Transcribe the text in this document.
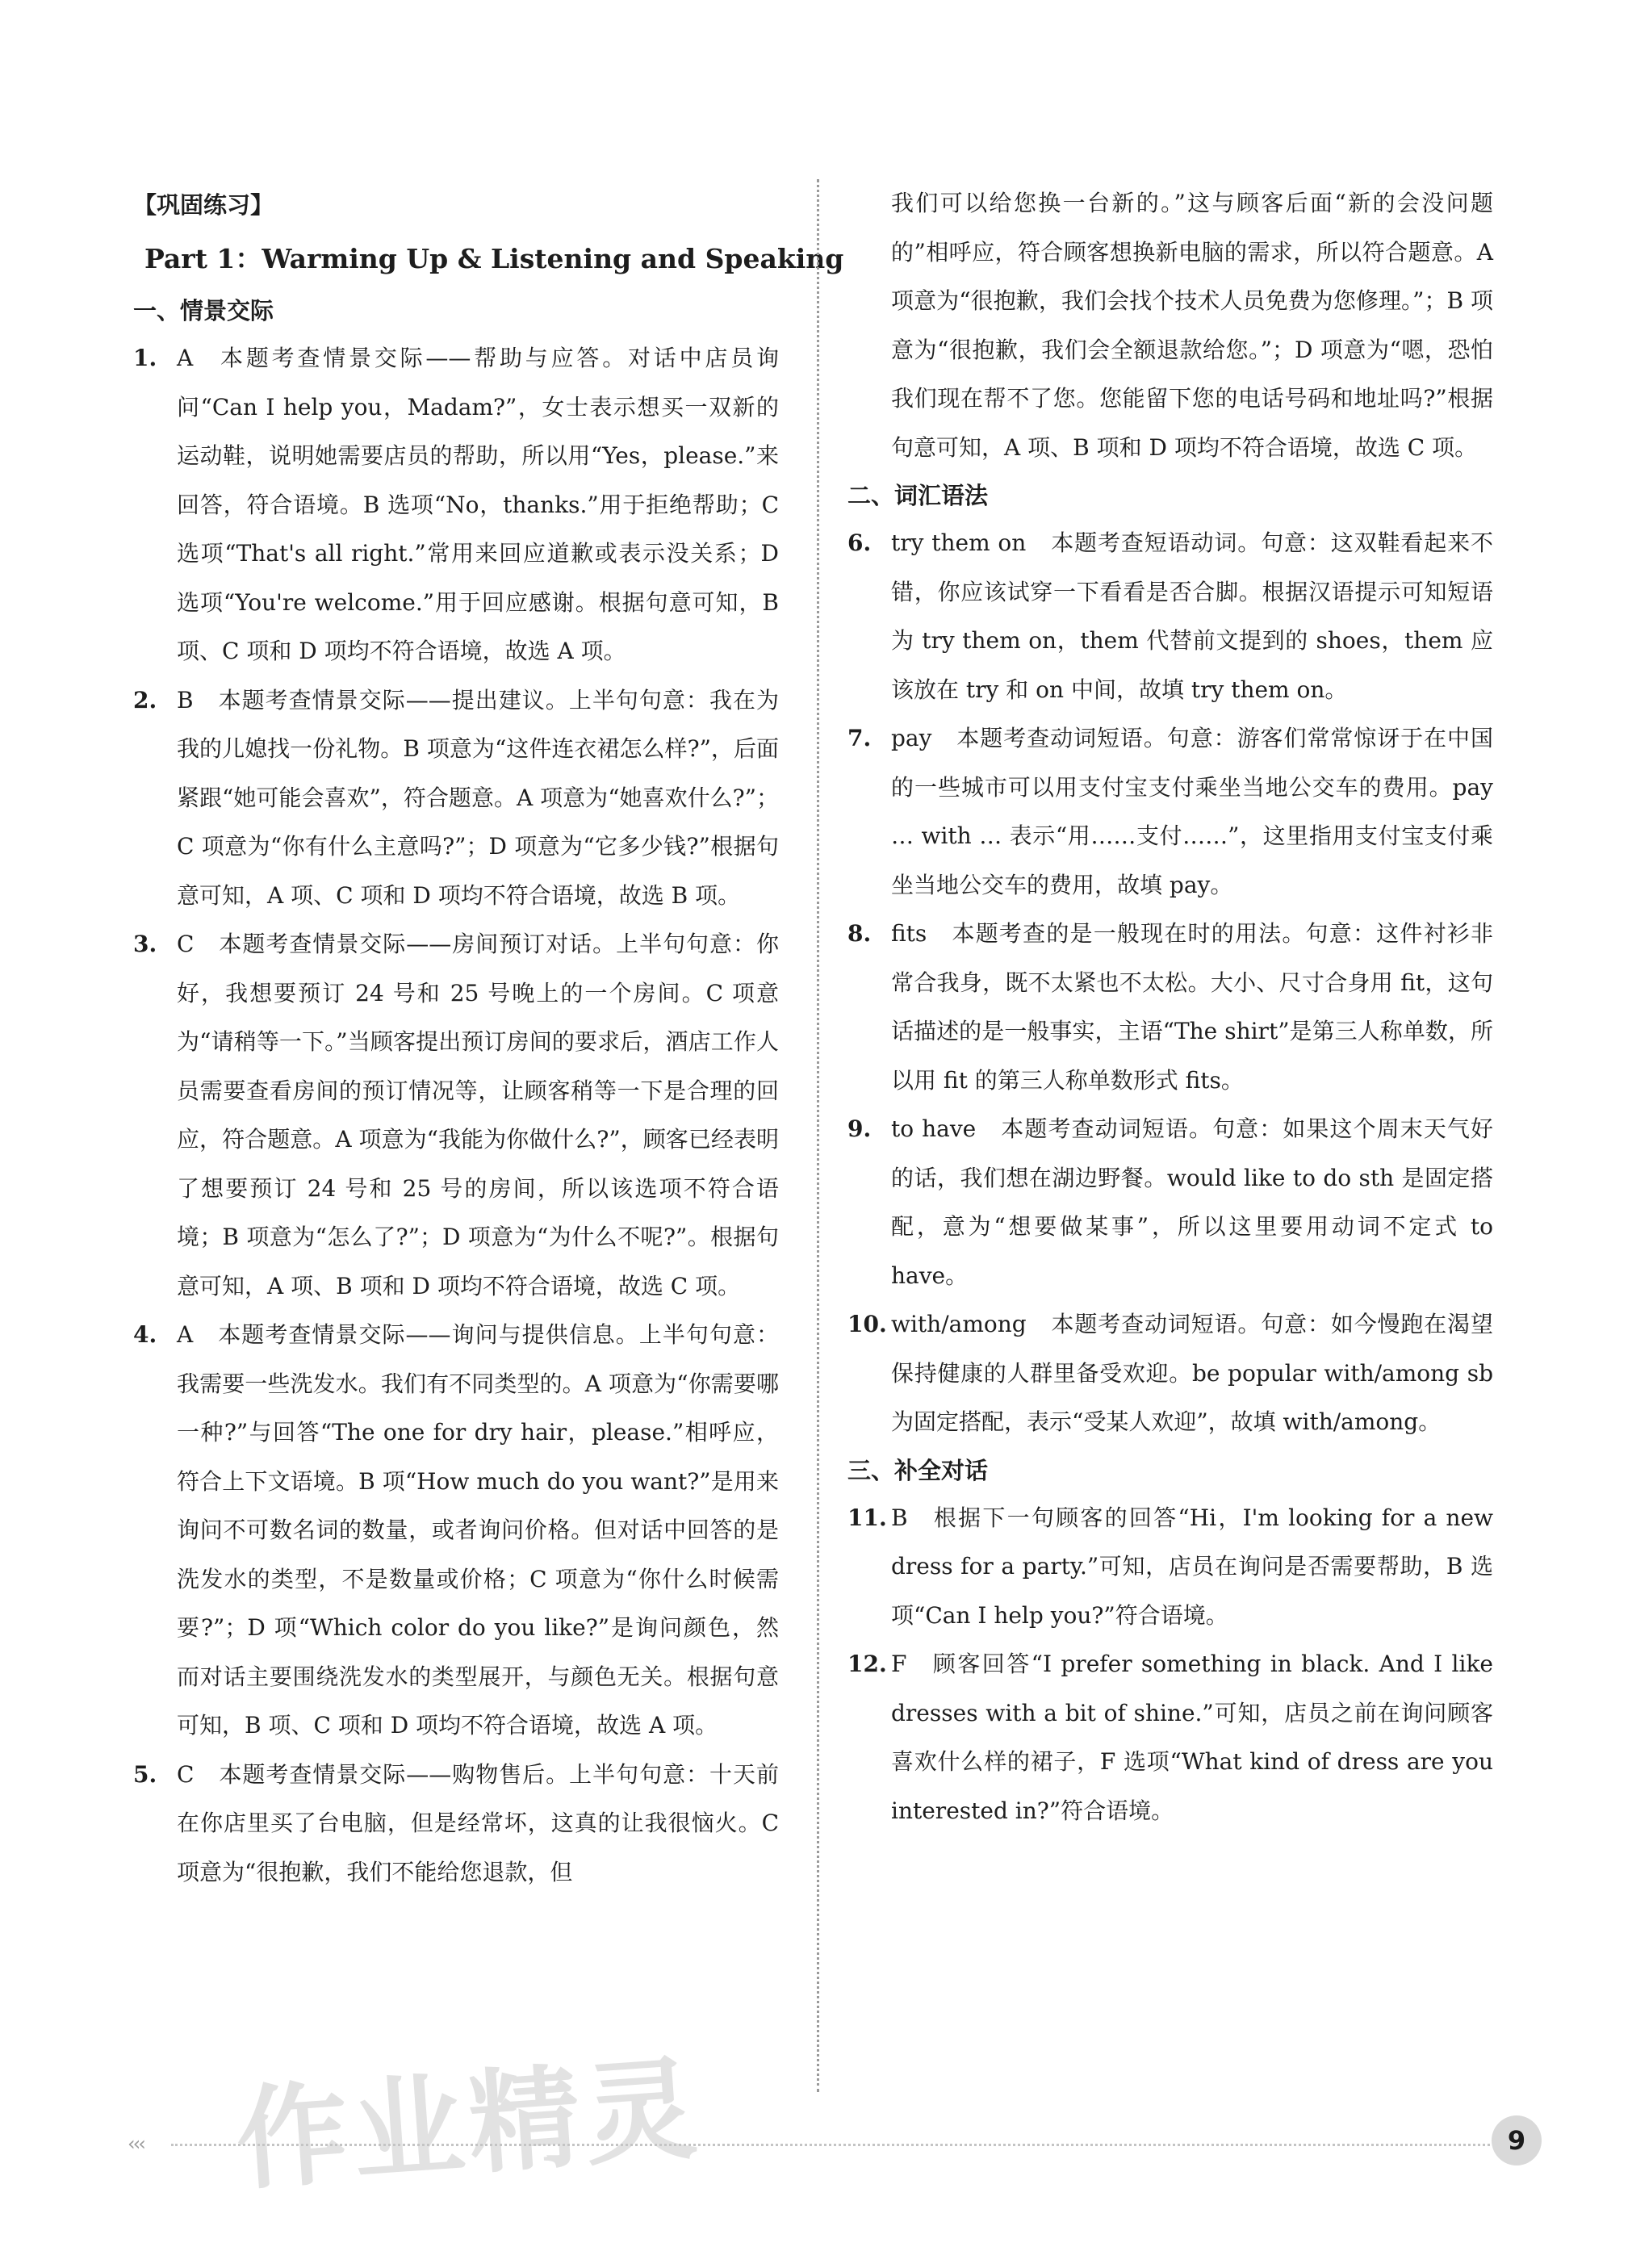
【巩固练习】

Part 1：Warming Up & Listening and Speaking

一、情景交际

1. A 本题考查情景交际——帮助与应答。对话中店员询问“Can I help you，Madam?”，女士表示想买一双新的运动鞋，说明她需要店员的帮助，所以用“Yes，please.”来回答，符合语境。B 选项“No，thanks.”用于拒绝帮助；C 选项“That's all right.”常用来回应道歉或表示没关系；D 选项“You're welcome.”用于回应感谢。根据句意可知，B 项、C 项和 D 项均不符合语境，故选 A 项。
2. B 本题考查情景交际——提出建议。上半句句意：我在为我的儿媳找一份礼物。B 项意为“这件连衣裙怎么样?”，后面紧跟“她可能会喜欢”，符合题意。A 项意为“她喜欢什么?”；C 项意为“你有什么主意吗?”；D 项意为“它多少钱?”根据句意可知，A 项、C 项和 D 项均不符合语境，故选 B 项。
3. C 本题考查情景交际——房间预订对话。上半句句意：你好，我想要预订 24 号和 25 号晚上的一个房间。C 项意为“请稍等一下。”当顾客提出预订房间的要求后，酒店工作人员需要查看房间的预订情况等，让顾客稍等一下是合理的回应，符合题意。A 项意为“我能为你做什么?”，顾客已经表明了想要预订 24 号和 25 号的房间，所以该选项不符合语境；B 项意为“怎么了?”；D 项意为“为什么不呢?”。根据句意可知，A 项、B 项和 D 项均不符合语境，故选 C 项。
4. A 本题考查情景交际——询问与提供信息。上半句句意：我需要一些洗发水。我们有不同类型的。A 项意为“你需要哪一种?”与回答“The one for dry hair，please.”相呼应，符合上下文语境。B 项“How much do you want?”是用来询问不可数名词的数量，或者询问价格。但对话中回答的是洗发水的类型，不是数量或价格；C 项意为“你什么时候需要?”；D 项“Which color do you like?”是询问颜色，然而对话主要围绕洗发水的类型展开，与颜色无关。根据句意可知，B 项、C 项和 D 项均不符合语境，故选 A 项。
5. C 本题考查情景交际——购物售后。上半句句意：十天前在你店里买了台电脑，但是经常坏，这真的让我很恼火。C 项意为“很抱歉，我们不能给您退款，但

我们可以给您换一台新的。”这与顾客后面“新的会没问题的”相呼应，符合顾客想换新电脑的需求，所以符合题意。A 项意为“很抱歉，我们会找个技术人员免费为您修理。”；B 项意为“很抱歉，我们会全额退款给您。”；D 项意为“嗯，恐怕我们现在帮不了您。您能留下您的电话号码和地址吗?”根据句意可知，A 项、B 项和 D 项均不符合语境，故选 C 项。

二、词汇语法

6. try them on 本题考查短语动词。句意：这双鞋看起来不错，你应该试穿一下看看是否合脚。根据汉语提示可知短语为 try them on，them 代替前文提到的 shoes，them 应该放在 try 和 on 中间，故填 try them on。
7. pay 本题考查动词短语。句意：游客们常常惊讶于在中国的一些城市可以用支付宝支付乘坐当地公交车的费用。pay … with … 表示“用……支付……”，这里指用支付宝支付乘坐当地公交车的费用，故填 pay。
8. fits 本题考查的是一般现在时的用法。句意：这件衬衫非常合我身，既不太紧也不太松。大小、尺寸合身用 fit，这句话描述的是一般事实，主语“The shirt”是第三人称单数，所以用 fit 的第三人称单数形式 fits。
9. to have 本题考查动词短语。句意：如果这个周末天气好的话，我们想在湖边野餐。would like to do sth 是固定搭配，意为“想要做某事”，所以这里要用动词不定式 to have。
10. with/among 本题考查动词短语。句意：如今慢跑在渴望保持健康的人群里备受欢迎。be popular with/among sb 为固定搭配，表示“受某人欢迎”，故填 with/among。

三、补全对话

11. B 根据下一句顾客的回答“Hi，I'm looking for a new dress for a party.”可知，店员在询问是否需要帮助，B 选项“Can I help you?”符合语境。
12. F 顾客回答“I prefer something in black. And I like dresses with a bit of shine.”可知，店员之前在询问顾客喜欢什么样的裙子，F 选项“What kind of dress are you interested in?”符合语境。
作业精灵
‹‹‹	9
